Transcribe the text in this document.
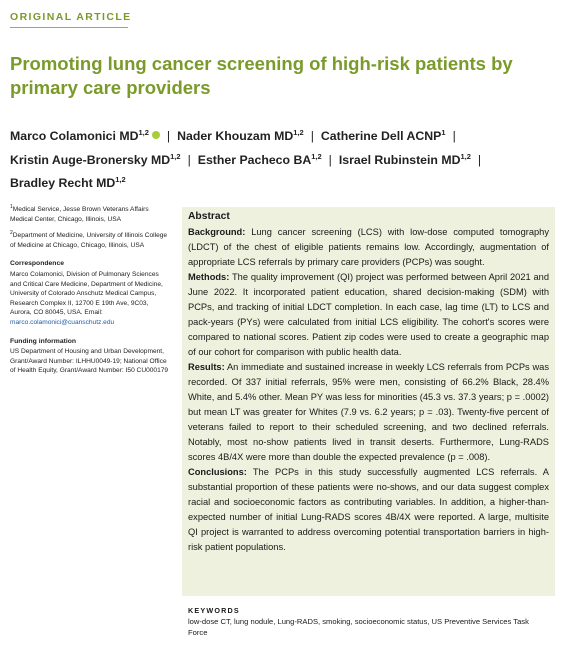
ORIGINAL ARTICLE
Promoting lung cancer screening of high-risk patients by primary care providers
Marco Colamonici MD$^{1,2}$ | Nader Khouzam MD$^{1,2}$ | Catherine Dell ACNP$^1$ |
Kristin Auge-Bronersky MD$^{1,2}$ | Esther Pacheco BA$^{1,2}$ | Israel Rubinstein MD$^{1,2}$ |
Bradley Recht MD$^{1,2}$

$^1$Medical Service, Jesse Brown Veterans Affairs Medical Center, Chicago, Illinois, USA

$^2$Department of Medicine, University of Illinois College of Medicine at Chicago, Chicago, Illinois, USA

Correspondence

Marco Colamonici, Division of Pulmonary Sciences and Critical Care Medicine, Department of Medicine, University of Colorado Anschutz Medical Campus, Research Complex II, 12700 E 19th Ave, 9C03, Aurora, CO 80045, USA. Email: marco.colamonici@cuanschutz.edu

Funding information

US Department of Housing and Urban Development, Grant/Award Number: ILHHU0049-19; National Office of Health Equity, Grant/Award Number: I50 CU000179

Abstract

Background: Lung cancer screening (LCS) with low-dose computed tomography (LDCT) of the chest of eligible patients remains low. Accordingly, augmentation of appropriate LCS referrals by primary care providers (PCPs) was sought.

Methods: The quality improvement (QI) project was performed between April 2021 and June 2022. It incorporated patient education, shared decision-making (SDM) with PCPs, and tracking of initial LDCT completion. In each case, lag time (LT) to LCS and pack-years (PYs) were calculated from initial LCS eligibility. The cohort's scores were compared to national scores. Patient zip codes were used to create a geographic map of our cohort for comparison with public health data.

Results: An immediate and sustained increase in weekly LCS referrals from PCPs was recorded. Of 337 initial referrals, 95% were men, consisting of 66.2% Black, 28.4% White, and 5.4% other. Mean PY was less for minorities (45.3 vs. 37.3 years; p = .0002) but mean LT was greater for Whites (7.9 vs. 6.2 years; p = .03). Twenty-five percent of veterans failed to report to their scheduled screening, and two declined referrals. Notably, most no-show patients lived in transit deserts. Furthermore, Lung-RADS scores 4B/4X were more than double the expected prevalence (p = .008).

Conclusions: The PCPs in this study successfully augmented LCS referrals. A substantial proportion of these patients were no-shows, and our data suggest complex racial and socioeconomic factors as contributing variables. In addition, a higher-than-expected number of initial Lung-RADS scores 4B/4X were reported. A large, multisite QI project is warranted to address overcoming potential transportation barriers in high-risk patient populations.

KEYWORDS
low-dose CT, lung nodule, Lung-RADS, smoking, socioeconomic status, US Preventive Services Task Force
